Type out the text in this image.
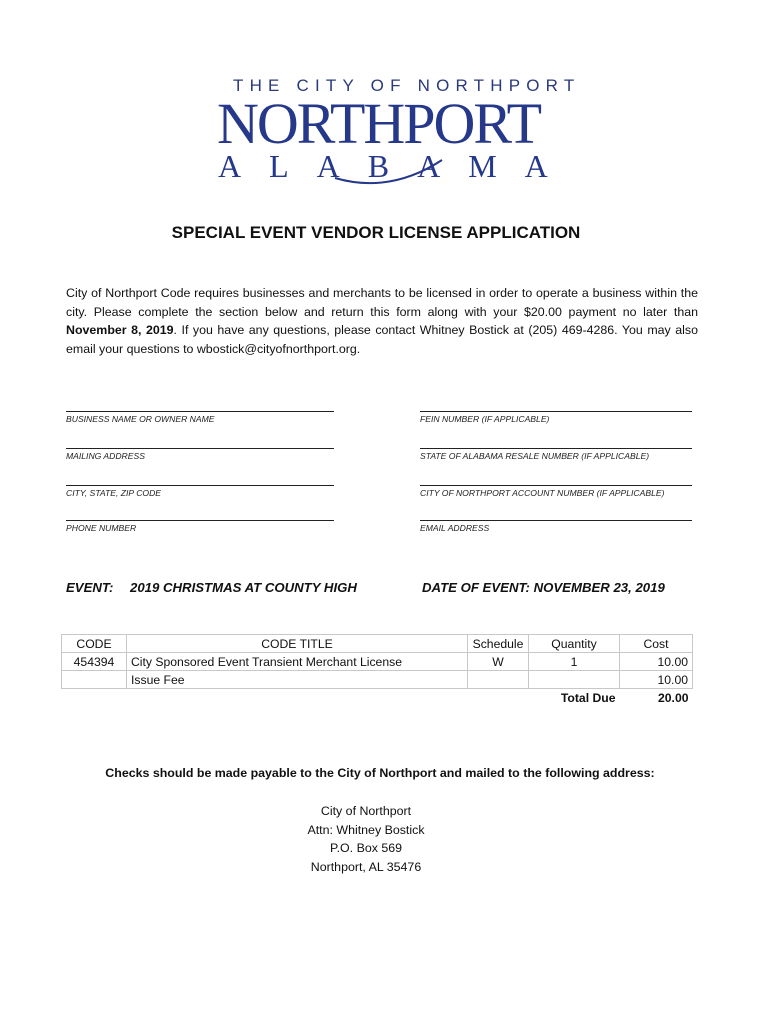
THE CITY OF NORTHPORT
NORTHPORT
ALABAMA
SPECIAL EVENT VENDOR LICENSE APPLICATION
City of Northport Code requires businesses and merchants to be licensed in order to operate a business within the city. Please complete the section below and return this form along with your $20.00 payment no later than November 8, 2019. If you have any questions, please contact Whitney Bostick at (205) 469-4286. You may also email your questions to wbostick@cityofnorthport.org.
BUSINESS NAME OR OWNER NAME	FEIN NUMBER (IF APPLICABLE)
MAILING ADDRESS	STATE OF ALABAMA RESALE NUMBER (IF APPLICABLE)
CITY, STATE, ZIP CODE	CITY OF NORTHPORT ACCOUNT NUMBER (IF APPLICABLE)
PHONE NUMBER	EMAIL ADDRESS
EVENT: 2019 CHRISTMAS AT COUNTY HIGH	DATE OF EVENT: NOVEMBER 23, 2019
CODE	CODE TITLE	Schedule	Quantity	Cost
454394	City Sponsored Event Transient Merchant License	W	1	10.00
	Issue Fee			10.00
			Total Due	20.00
Checks should be made payable to the City of Northport and mailed to the following address:
City of Northport
Attn: Whitney Bostick
P.O. Box 569
Northport, AL 35476
